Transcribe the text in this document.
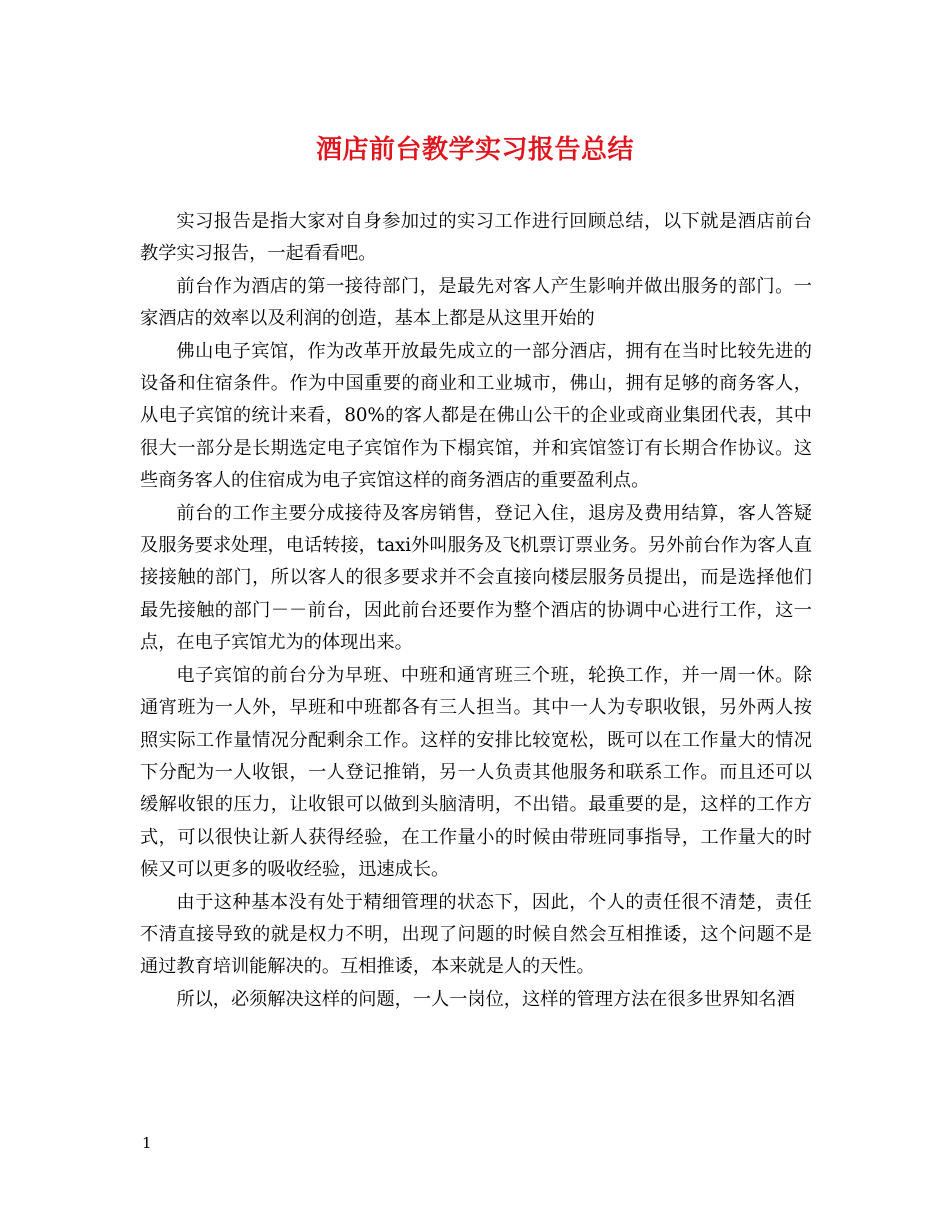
酒店前台教学实习报告总结

实习报告是指大家对自身参加过的实习工作进行回顾总结，以下就是酒店前台教学实习报告，一起看看吧。

前台作为酒店的第一接待部门，是最先对客人产生影响并做出服务的部门。一家酒店的效率以及利润的创造，基本上都是从这里开始的

佛山电子宾馆，作为改革开放最先成立的一部分酒店，拥有在当时比较先进的设备和住宿条件。作为中国重要的商业和工业城市，佛山，拥有足够的商务客人，从电子宾馆的统计来看，80%的客人都是在佛山公干的企业或商业集团代表，其中很大一部分是长期选定电子宾馆作为下榻宾馆，并和宾馆签订有长期合作协议。这些商务客人的住宿成为电子宾馆这样的商务酒店的重要盈利点。

前台的工作主要分成接待及客房销售，登记入住，退房及费用结算，客人答疑及服务要求处理，电话转接，taxi外叫服务及飞机票订票业务。另外前台作为客人直接接触的部门，所以客人的很多要求并不会直接向楼层服务员提出，而是选择他们最先接触的部门－－前台，因此前台还要作为整个酒店的协调中心进行工作，这一点，在电子宾馆尤为的体现出来。

电子宾馆的前台分为早班、中班和通宵班三个班，轮换工作，并一周一休。除通宵班为一人外，早班和中班都各有三人担当。其中一人为专职收银，另外两人按照实际工作量情况分配剩余工作。这样的安排比较宽松，既可以在工作量大的情况下分配为一人收银，一人登记推销，另一人负责其他服务和联系工作。而且还可以缓解收银的压力，让收银可以做到头脑清明，不出错。最重要的是，这样的工作方式，可以很快让新人获得经验，在工作量小的时候由带班同事指导，工作量大的时候又可以更多的吸收经验，迅速成长。

由于这种基本没有处于精细管理的状态下，因此，个人的责任很不清楚，责任不清直接导致的就是权力不明，出现了问题的时候自然会互相推诿，这个问题不是通过教育培训能解决的。互相推诿，本来就是人的天性。

所以，必须解决这样的问题，一人一岗位，这样的管理方法在很多世界知名酒

1
